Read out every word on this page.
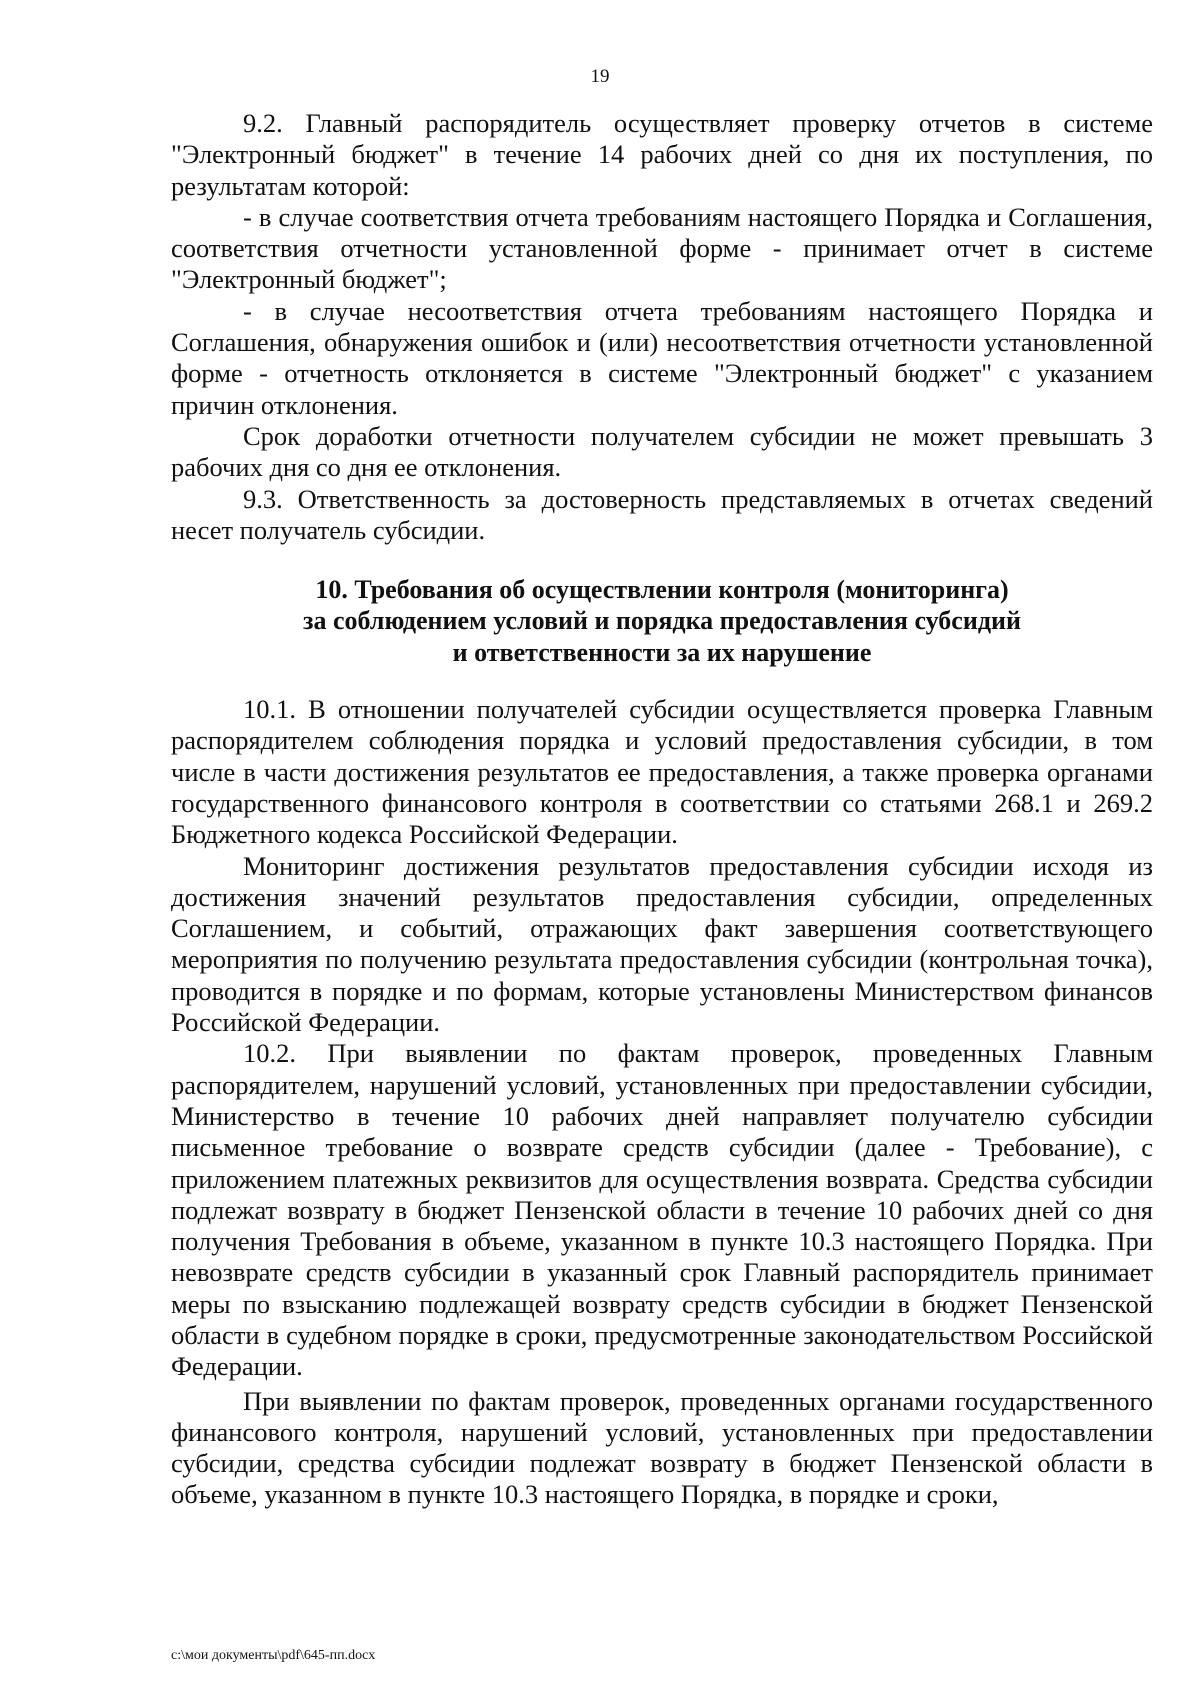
19

9.2. Главный распорядитель осуществляет проверку отчетов в системе "Электронный бюджет" в течение 14 рабочих дней со дня их поступления, по результатам которой:

- в случае соответствия отчета требованиям настоящего Порядка и Соглашения, соответствия отчетности установленной форме - принимает отчет в системе "Электронный бюджет";

- в случае несоответствия отчета требованиям настоящего Порядка и Соглашения, обнаружения ошибок и (или) несоответствия отчетности установленной форме - отчетность отклоняется в системе "Электронный бюджет" с указанием причин отклонения.

Срок доработки отчетности получателем субсидии не может превышать 3 рабочих дня со дня ее отклонения.

9.3. Ответственность за достоверность представляемых в отчетах сведений несет получатель субсидии.

10. Требования об осуществлении контроля (мониторинга)
за соблюдением условий и порядка предоставления субсидий
и ответственности за их нарушение

10.1. В отношении получателей субсидии осуществляется проверка Главным распорядителем соблюдения порядка и условий предоставления субсидии, в том числе в части достижения результатов ее предоставления, а также проверка органами государственного финансового контроля в соответствии со статьями 268.1 и 269.2 Бюджетного кодекса Российской Федерации.

Мониторинг достижения результатов предоставления субсидии исходя из достижения значений результатов предоставления субсидии, определенных Соглашением, и событий, отражающих факт завершения соответствующего мероприятия по получению результата предоставления субсидии (контрольная точка), проводится в порядке и по формам, которые установлены Министерством финансов Российской Федерации.

10.2. При выявлении по фактам проверок, проведенных Главным распорядителем, нарушений условий, установленных при предоставлении субсидии, Министерство в течение 10 рабочих дней направляет получателю субсидии письменное требование о возврате средств субсидии (далее - Требование), с приложением платежных реквизитов для осуществления возврата. Средства субсидии подлежат возврату в бюджет Пензенской области в течение 10 рабочих дней со дня получения Требования в объеме, указанном в пункте 10.3 настоящего Порядка. При невозврате средств субсидии в указанный срок Главный распорядитель принимает меры по взысканию подлежащей возврату средств субсидии в бюджет Пензенской области в судебном порядке в сроки, предусмотренные законодательством Российской Федерации.

При выявлении по фактам проверок, проведенных органами государственного финансового контроля, нарушений условий, установленных при предоставлении субсидии, средства субсидии подлежат возврату в бюджет Пензенской области в объеме, указанном в пункте 10.3 настоящего Порядка, в порядке и сроки,

c:\мои документы\pdf\645-пп.docx
